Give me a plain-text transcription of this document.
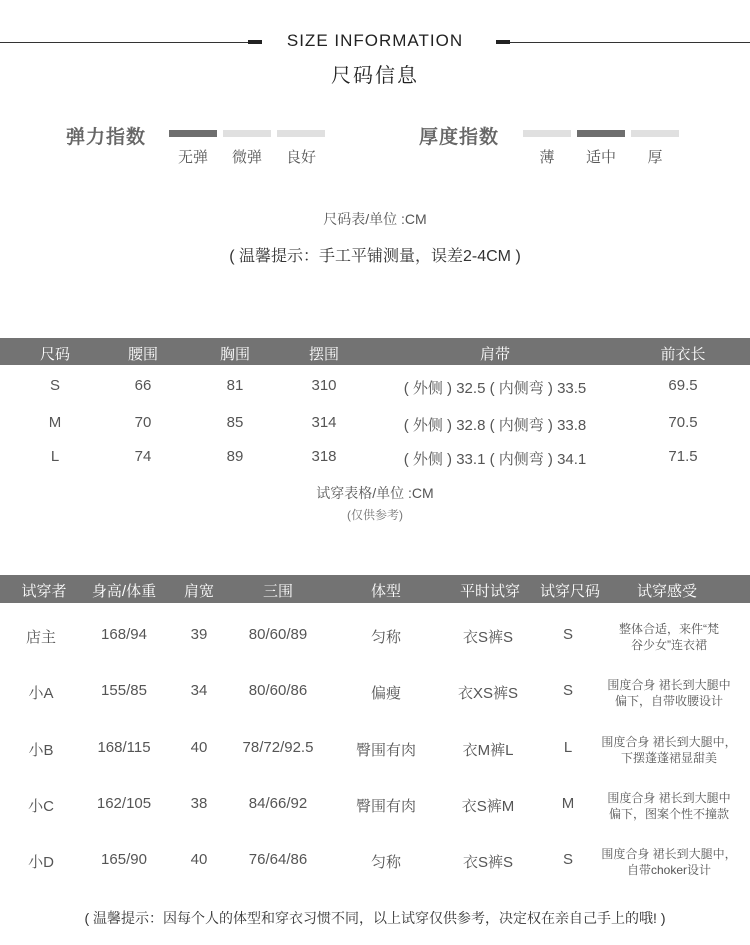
SIZE INFORMATION
尺码信息
弹力指数
无弹	微弹	良好
厚度指数
薄	适中	厚
尺码表/单位 :CM
( 温馨提示：手工平铺测量，误差2-4CM )
尺码	腰围	胸围	摆围	肩带	前衣长
S	66	81	310	( 外侧 ) 32.5 ( 内侧弯 ) 33.5	69.5
M	70	85	314	( 外侧 ) 32.8 ( 内侧弯 ) 33.8	70.5
L	74	89	318	( 外侧 ) 33.1 ( 内侧弯 ) 34.1	71.5
试穿表格/单位 :CM
(仅供参考)
试穿者	身高/体重	肩宽	三围	体型	平时试穿	试穿尺码	试穿感受
店主	168/94	39	80/60/89	匀称	衣S裤S	S	整体合适，来件“梵
谷少女”连衣裙
小A	155/85	34	80/60/86	偏瘦	衣XS裤S	S	围度合身 裙长到大腿中
偏下，自带收腰设计
小B	168/115	40	78/72/92.5	臀围有肉	衣M裤L	L	围度合身 裙长到大腿中，
下摆蓬蓬裙显甜美
小C	162/105	38	84/66/92	臀围有肉	衣S裤M	M	围度合身 裙长到大腿中
偏下，图案个性不撞款
小D	165/90	40	76/64/86	匀称	衣S裤S	S	围度合身 裙长到大腿中，
自带choker设计
( 温馨提示：因每个人的体型和穿衣习惯不同，以上试穿仅供参考，决定权在亲自己手上的哦! )
